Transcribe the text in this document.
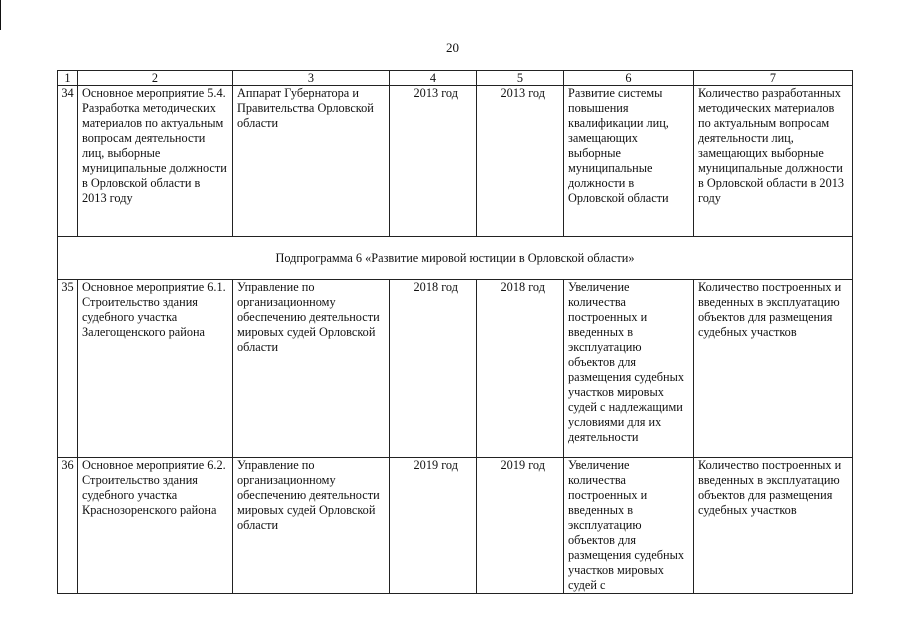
20
1	2	3	4	5	6	7
34	Основное мероприятие 5.4. Разработка методических материалов по актуальным вопросам деятельности лиц, выборные муниципальные должности в Орловской области в 2013 году	Аппарат Губернатора и Правительства Орловской области	2013 год	2013 год	Развитие системы повышения квалификации лиц, замещающих выборные муниципальные должности в Орловской области	Количество разработанных методических материалов по актуальным вопросам деятельности лиц, замещающих выборные муниципальные должности в Орловской области в 2013 году
Подпрограмма 6 «Развитие мировой юстиции в Орловской области»						
35	Основное мероприятие 6.1. Строительство здания судебного участка Залегощенского района	Управление по организационному обеспечению деятельности мировых судей Орловской области	2018 год	2018 год	Увеличение количества построенных и введенных в эксплуатацию объектов для размещения судебных участков мировых судей с надлежащими условиями для их деятельности	Количество построенных и введенных в эксплуатацию объектов для размещения судебных участков
36	Основное мероприятие 6.2. Строительство здания судебного участка Краснозоренского района	Управление по организационному обеспечению деятельности мировых судей Орловской области	2019 год	2019 год	Увеличение количества построенных и введенных в эксплуатацию объектов для размещения судебных участков мировых судей с	Количество построенных и введенных в эксплуатацию объектов для размещения судебных участков
